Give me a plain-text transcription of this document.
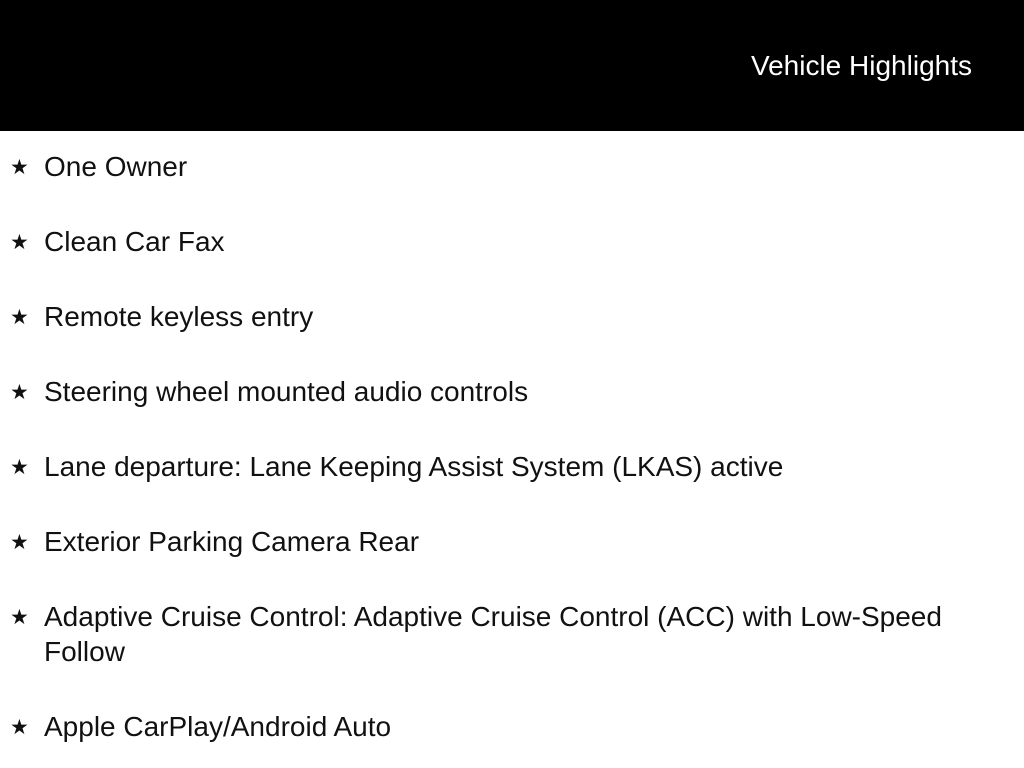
Vehicle Highlights
★ One Owner
★ Clean Car Fax
★ Remote keyless entry
★ Steering wheel mounted audio controls
★ Lane departure: Lane Keeping Assist System (LKAS) active
★ Exterior Parking Camera Rear
★ Adaptive Cruise Control: Adaptive Cruise Control (ACC) with Low-Speed Follow
★ Apple CarPlay/Android Auto
